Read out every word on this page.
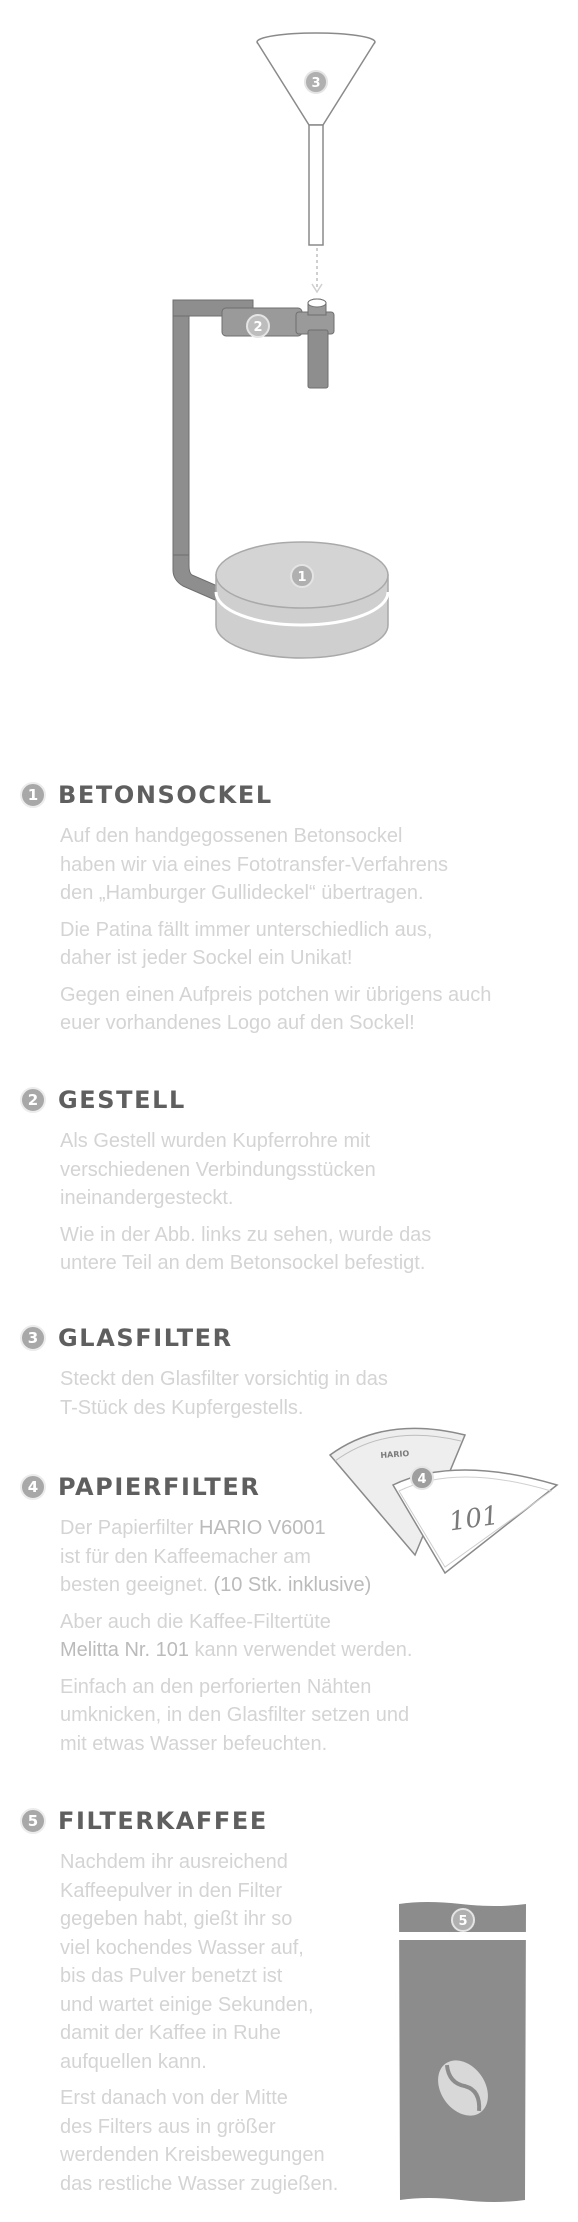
3
2
1
1 BETONSOCKEL

Auf den handgegossenen Betonsockel
haben wir via eines Fototransfer-Verfahrens
den „Hamburger Gullideckel“ übertragen.

Die Patina fällt immer unterschiedlich aus,
daher ist jeder Sockel ein Unikat!

Gegen einen Aufpreis potchen wir übrigens auch
euer vorhandenes Logo auf den Sockel!

2 GESTELL

Als Gestell wurden Kupferrohre mit
verschiedenen Verbindungsstücken
ineinandergesteckt.

Wie in der Abb. links zu sehen, wurde das
untere Teil an dem Betonsockel befestigt.

3 GLASFILTER

Steckt den Glasfilter vorsichtig in das
T-Stück des Kupfergestells.

4 PAPIERFILTER

Der Papierfilter HARIO V6001
ist für den Kaffeemacher am
besten geeignet. (10 Stk. inklusive)

Aber auch die Kaffee-Filtertüte
Melitta Nr. 101 kann verwendet werden.

Einfach an den perforierten Nähten
umknicken, in den Glasfilter setzen und
mit etwas Wasser befeuchten.

HARIO
101
4
5 FILTERKAFFEE

Nachdem ihr ausreichend
Kaffeepulver in den Filter
gegeben habt, gießt ihr so
viel kochendes Wasser auf,
bis das Pulver benetzt ist
und wartet einige Sekunden,
damit der Kaffee in Ruhe
aufquellen kann.

Erst danach von der Mitte
des Filters aus in größer
werdenden Kreisbewegungen
das restliche Wasser zugießen.

5
